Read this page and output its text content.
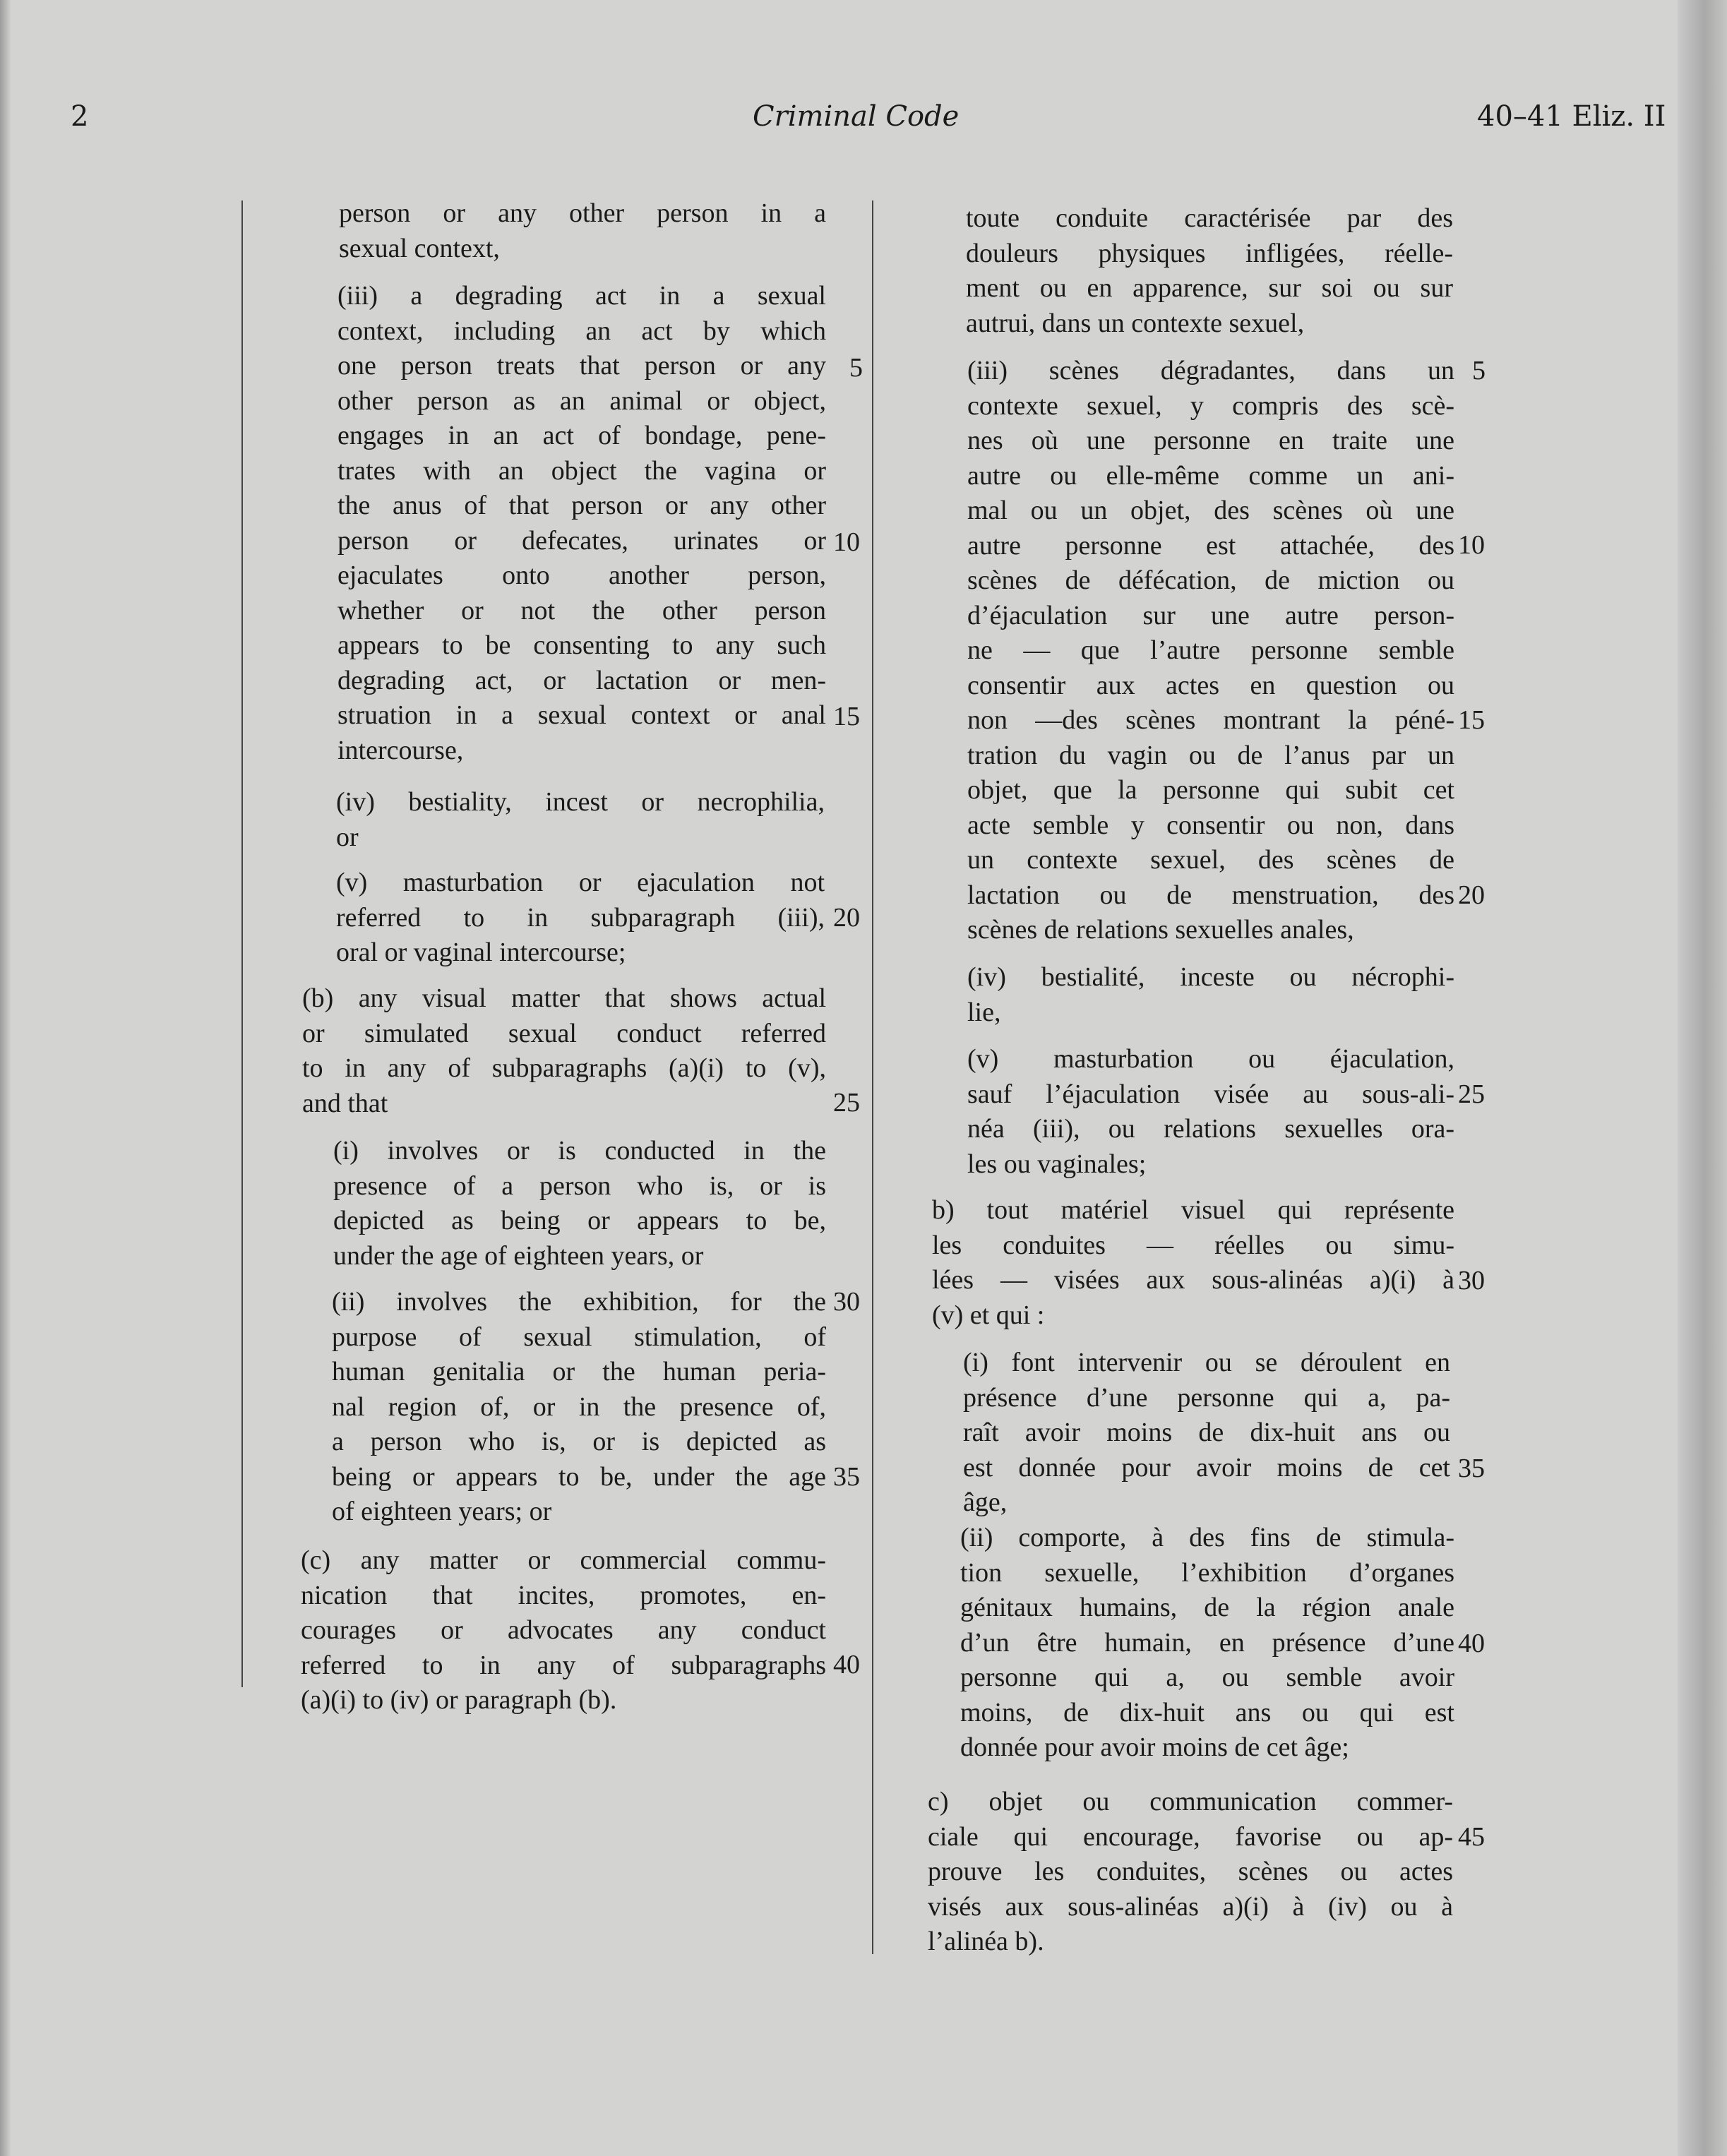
2	Criminal Code	40–41 Eliz. II
person or any other person in a
sexual context,
(iii) a degrading act in a sexual
context, including an act by which
one person treats that person or any
other person as an animal or object,
engages in an act of bondage, pene-
trates with an object the vagina or
the anus of that person or any other
person or defecates, urinates or
ejaculates onto another person,
whether or not the other person
appears to be consenting to any such
degrading act, or lactation or men-
struation in a sexual context or anal
intercourse,
(iv) bestiality, incest or necrophilia,
or
(v) masturbation or ejaculation not
referred to in subparagraph (iii),
oral or vaginal intercourse;
(b) any visual matter that shows actual
or simulated sexual conduct referred
to in any of subparagraphs (a)(i) to (v),
and that
(i) involves or is conducted in the
presence of a person who is, or is
depicted as being or appears to be,
under the age of eighteen years, or
(ii) involves the exhibition, for the
purpose of sexual stimulation, of
human genitalia or the human peria-
nal region of, or in the presence of,
a person who is, or is depicted as
being or appears to be, under the age
of eighteen years; or
(c) any matter or commercial commu-
nication that incites, promotes, en-
courages or advocates any conduct
referred to in any of subparagraphs
(a)(i) to (iv) or paragraph (b).
5
10
15
20
25
30
35
40
toute conduite caractérisée par des
douleurs physiques infligées, réelle-
ment ou en apparence, sur soi ou sur
autrui, dans un contexte sexuel,
(iii) scènes dégradantes, dans un
contexte sexuel, y compris des scè-
nes où une personne en traite une
autre ou elle-même comme un ani-
mal ou un objet, des scènes où une
autre personne est attachée, des
scènes de défécation, de miction ou
d’éjaculation sur une autre person-
ne — que l’autre personne semble
consentir aux actes en question ou
non —des scènes montrant la péné-
tration du vagin ou de l’anus par un
objet, que la personne qui subit cet
acte semble y consentir ou non, dans
un contexte sexuel, des scènes de
lactation ou de menstruation, des
scènes de relations sexuelles anales,
(iv) bestialité, inceste ou nécrophi-
lie,
(v) masturbation ou éjaculation,
sauf l’éjaculation visée au sous-ali-
néa (iii), ou relations sexuelles ora-
les ou vaginales;
b) tout matériel visuel qui représente
les conduites — réelles ou simu-
lées — visées aux sous-alinéas a)(i) à
(v) et qui :
(i) font intervenir ou se déroulent en
présence d’une personne qui a, pa-
raît avoir moins de dix-huit ans ou
est donnée pour avoir moins de cet
âge,
(ii) comporte, à des fins de stimula-
tion sexuelle, l’exhibition d’organes
génitaux humains, de la région anale
d’un être humain, en présence d’une
personne qui a, ou semble avoir
moins, de dix-huit ans ou qui est
donnée pour avoir moins de cet âge;
c) objet ou communication commer-
ciale qui encourage, favorise ou ap-
prouve les conduites, scènes ou actes
visés aux sous-alinéas a)(i) à (iv) ou à
l’alinéa b).
5
10
15
20
25
30
35
40
45
